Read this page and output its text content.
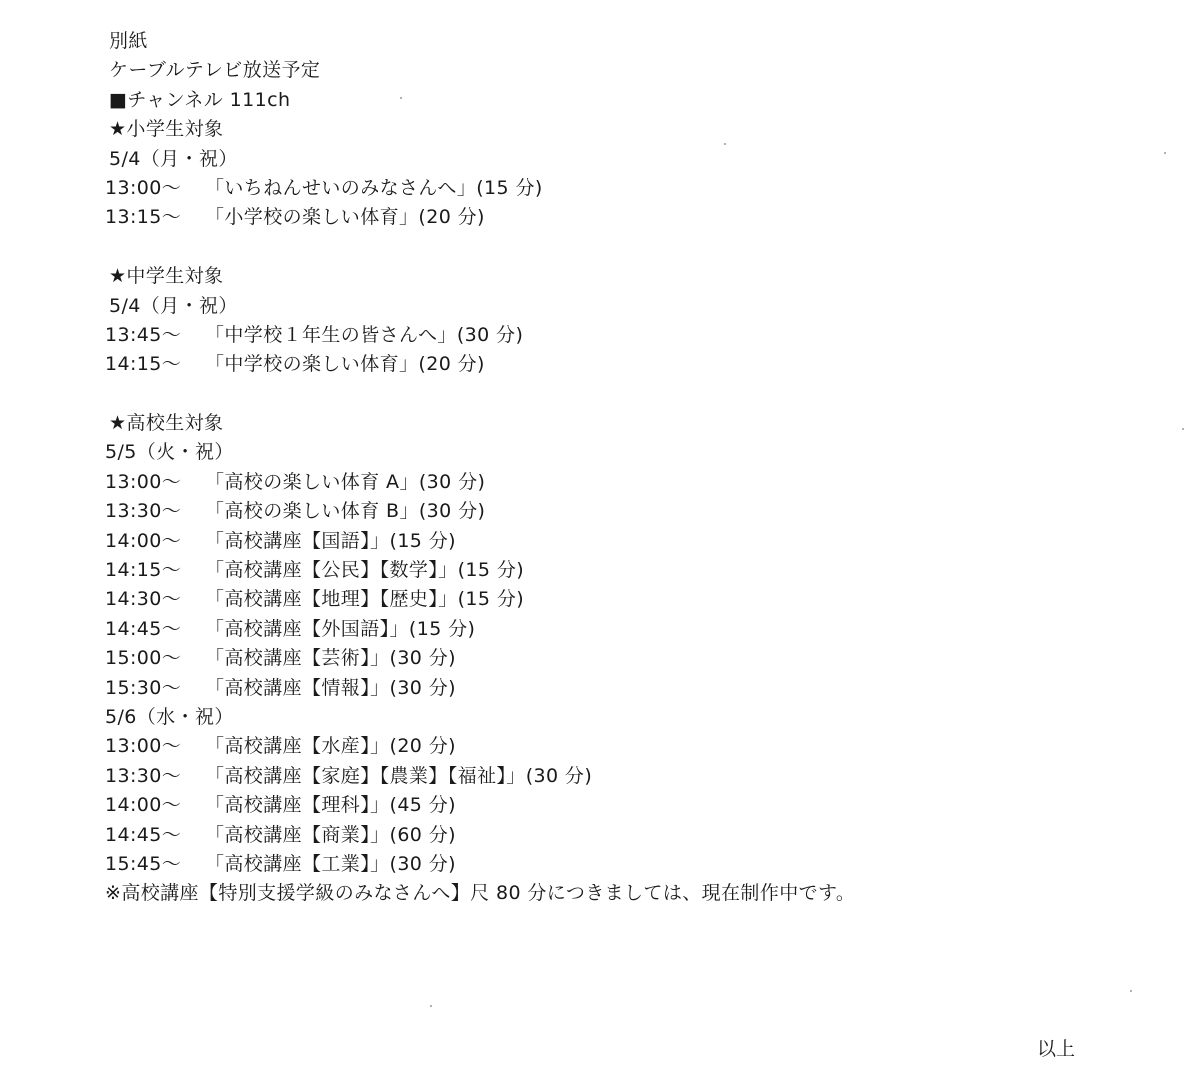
別紙
ケーブルテレビ放送予定
■チャンネル 111ch
★小学生対象
5/4（月・祝）
13:00～ 「いちねんせいのみなさんへ」(15 分)
13:15～ 「小学校の楽しい体育」(20 分)
★中学生対象
5/4（月・祝）
13:45～ 「中学校１年生の皆さんへ」(30 分)
14:15～ 「中学校の楽しい体育」(20 分)
★高校生対象
5/5（火・祝）
13:00～ 「高校の楽しい体育 A」(30 分)
13:30～ 「高校の楽しい体育 B」(30 分)
14:00～ 「高校講座【国語】」(15 分)
14:15～ 「高校講座【公民】【数学】」(15 分)
14:30～ 「高校講座【地理】【歴史】」(15 分)
14:45～ 「高校講座【外国語】」(15 分)
15:00～ 「高校講座【芸術】」(30 分)
15:30～ 「高校講座【情報】」(30 分)
5/6（水・祝）
13:00～ 「高校講座【水産】」(20 分)
13:30～ 「高校講座【家庭】【農業】【福祉】」(30 分)
14:00～ 「高校講座【理科】」(45 分)
14:45～ 「高校講座【商業】」(60 分)
15:45～ 「高校講座【工業】」(30 分)
※高校講座【特別支援学級のみなさんへ】尺 80 分につきましては、現在制作中です。
以上
